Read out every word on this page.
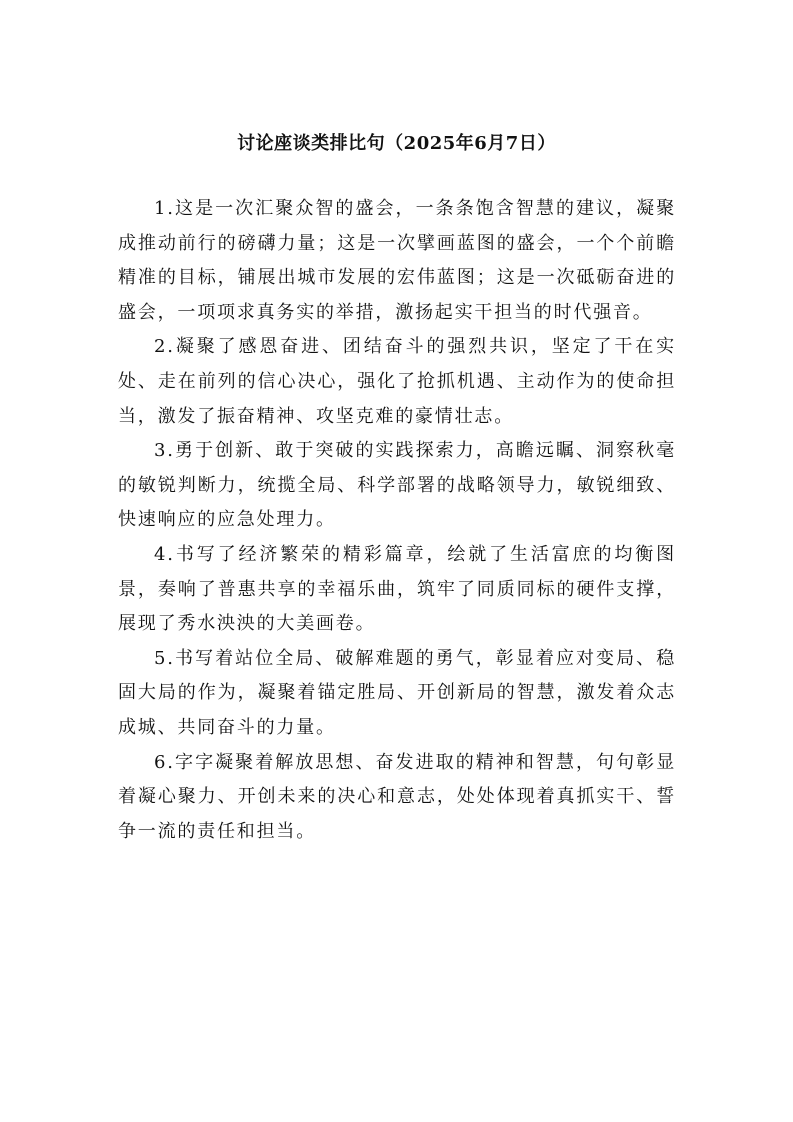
讨论座谈类排比句（2025年6月7日）

1.这是一次汇聚众智的盛会，一条条饱含智慧的建议，凝聚成推动前行的磅礴力量；这是一次擘画蓝图的盛会，一个个前瞻精准的目标，铺展出城市发展的宏伟蓝图；这是一次砥砺奋进的盛会，一项项求真务实的举措，激扬起实干担当的时代强音。

2.凝聚了感恩奋进、团结奋斗的强烈共识，坚定了干在实处、走在前列的信心决心，强化了抢抓机遇、主动作为的使命担当，激发了振奋精神、攻坚克难的豪情壮志。

3.勇于创新、敢于突破的实践探索力，高瞻远瞩、洞察秋毫的敏锐判断力，统揽全局、科学部署的战略领导力，敏锐细致、快速响应的应急处理力。

4.书写了经济繁荣的精彩篇章，绘就了生活富庶的均衡图景，奏响了普惠共享的幸福乐曲，筑牢了同质同标的硬件支撑，展现了秀水泱泱的大美画卷。

5.书写着站位全局、破解难题的勇气，彰显着应对变局、稳固大局的作为，凝聚着锚定胜局、开创新局的智慧，激发着众志成城、共同奋斗的力量。

6.字字凝聚着解放思想、奋发进取的精神和智慧，句句彰显着凝心聚力、开创未来的决心和意志，处处体现着真抓实干、誓争一流的责任和担当。
